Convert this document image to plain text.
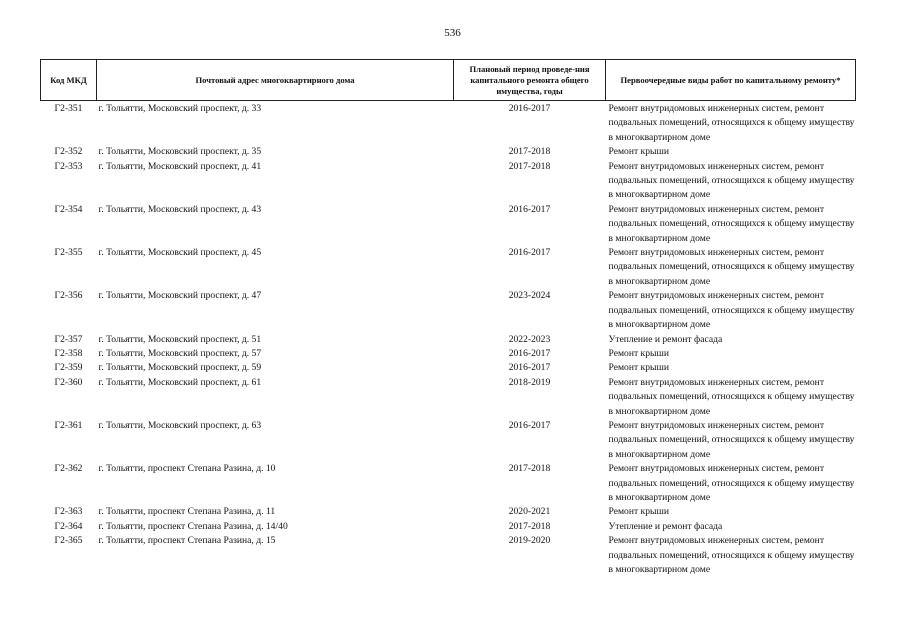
536
Код МКД	Почтовый адрес многоквартирного дома	Плановый период проведе-ния капитального ремонта общего имущества, годы	Первоочередные виды работ по капитальному ремонту*
Г2-351	г. Тольятти, Московский проспект, д. 33	2016-2017	Ремонт внутридомовых инженерных систем, ремонт подвальных помещений, относящихся к общему имуществу в многоквартирном доме
Г2-352	г. Тольятти, Московский проспект, д. 35	2017-2018	Ремонт крыши
Г2-353	г. Тольятти, Московский проспект, д. 41	2017-2018	Ремонт внутридомовых инженерных систем, ремонт подвальных помещений, относящихся к общему имуществу в многоквартирном доме
Г2-354	г. Тольятти, Московский проспект, д. 43	2016-2017	Ремонт внутридомовых инженерных систем, ремонт подвальных помещений, относящихся к общему имуществу в многоквартирном доме
Г2-355	г. Тольятти, Московский проспект, д. 45	2016-2017	Ремонт внутридомовых инженерных систем, ремонт подвальных помещений, относящихся к общему имуществу в многоквартирном доме
Г2-356	г. Тольятти, Московский проспект, д. 47	2023-2024	Ремонт внутридомовых инженерных систем, ремонт подвальных помещений, относящихся к общему имуществу в многоквартирном доме
Г2-357	г. Тольятти, Московский проспект, д. 51	2022-2023	Утепление и ремонт фасада
Г2-358	г. Тольятти, Московский проспект, д. 57	2016-2017	Ремонт крыши
Г2-359	г. Тольятти, Московский проспект, д. 59	2016-2017	Ремонт крыши
Г2-360	г. Тольятти, Московский проспект, д. 61	2018-2019	Ремонт внутридомовых инженерных систем, ремонт подвальных помещений, относящихся к общему имуществу в многоквартирном доме
Г2-361	г. Тольятти, Московский проспект, д. 63	2016-2017	Ремонт внутридомовых инженерных систем, ремонт подвальных помещений, относящихся к общему имуществу в многоквартирном доме
Г2-362	г. Тольятти, проспект Степана Разина, д. 10	2017-2018	Ремонт внутридомовых инженерных систем, ремонт подвальных помещений, относящихся к общему имуществу в многоквартирном доме
Г2-363	г. Тольятти, проспект Степана Разина, д. 11	2020-2021	Ремонт крыши
Г2-364	г. Тольятти, проспект Степана Разина, д. 14/40	2017-2018	Утепление и ремонт фасада
Г2-365	г. Тольятти, проспект Степана Разина, д. 15	2019-2020	Ремонт внутридомовых инженерных систем, ремонт подвальных помещений, относящихся к общему имуществу в многоквартирном доме
